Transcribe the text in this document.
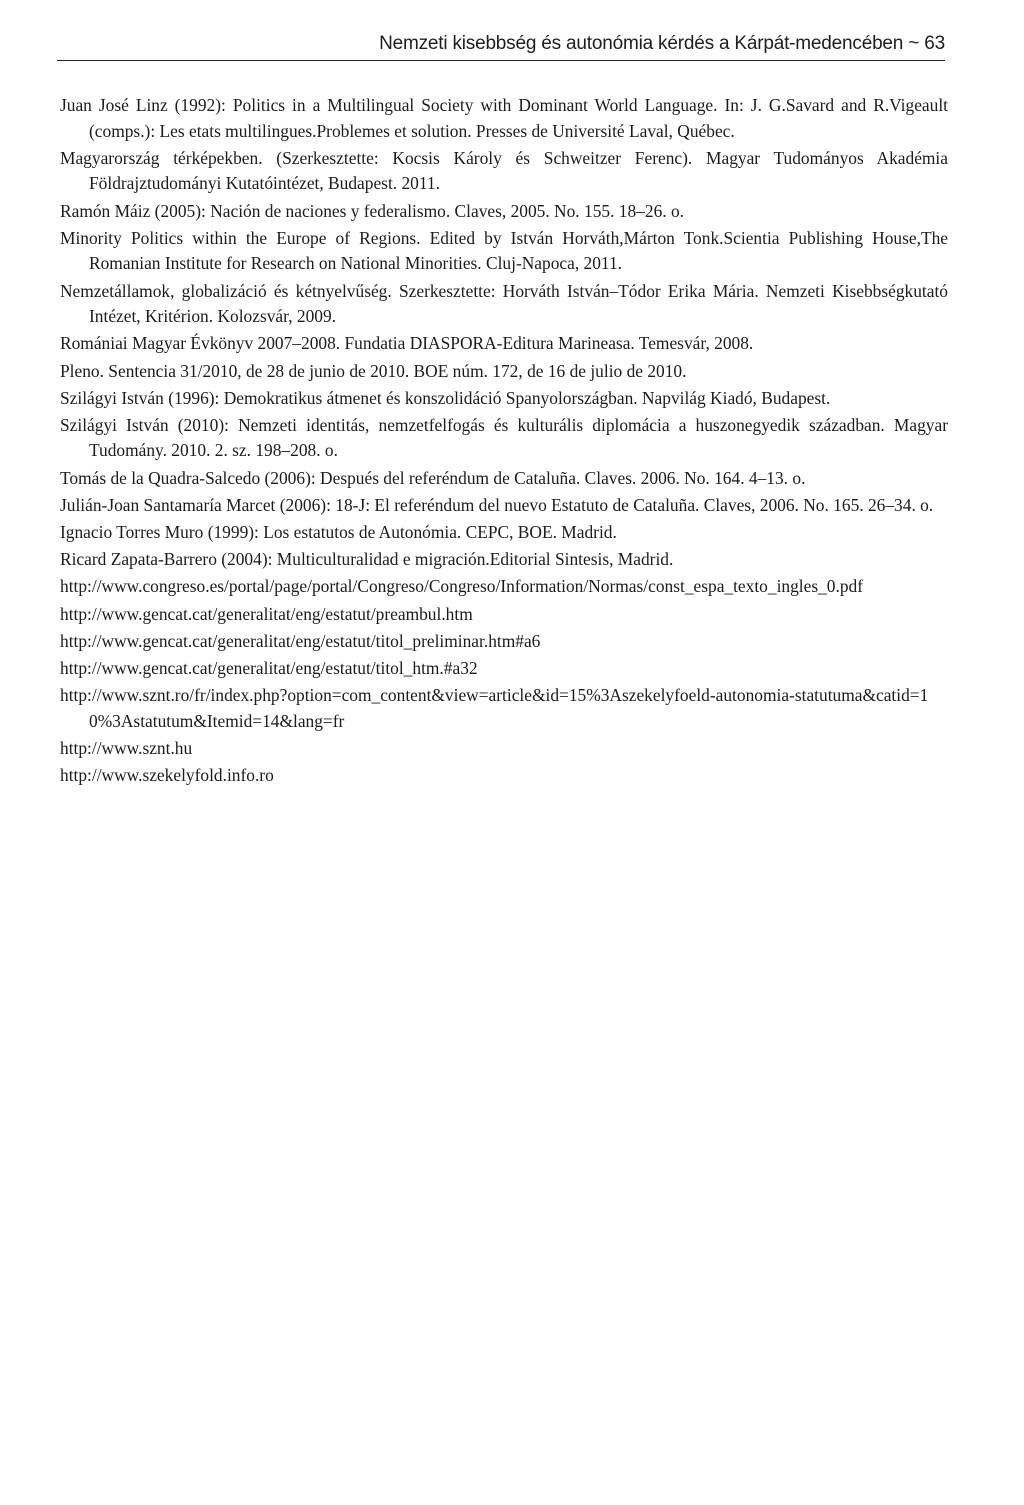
Nemzeti kisebbség és autonómia kérdés a Kárpát-medencében ~ 63
Juan José Linz (1992): Politics in a Multilingual Society with Dominant World Language. In: J. G.Savard and R.Vigeault (comps.): Les etats multilingues.Problemes et solution. Presses de Université Laval, Québec.
Magyarország térképekben. (Szerkesztette: Kocsis Károly és Schweitzer Ferenc). Magyar Tudományos Akadémia Földrajztudományi Kutatóintézet, Budapest. 2011.
Ramón Máiz (2005): Nación de naciones y federalismo. Claves, 2005. No. 155. 18–26. o.
Minority Politics within the Europe of Regions. Edited by István Horváth,Márton Tonk.Scientia Publishing House,The Romanian Institute for Research on National Minorities. Cluj-Napoca, 2011.
Nemzetállamok, globalizáció és kétnyelvűség. Szerkesztette: Horváth István–Tódor Erika Mária. Nemzeti Kisebbségkutató Intézet, Kritérion. Kolozsvár, 2009.
Romániai Magyar Évkönyv 2007–2008. Fundatia DIASPORA-Editura Marineasa. Temesvár, 2008.
Pleno. Sentencia 31/2010, de 28 de junio de 2010. BOE núm. 172, de 16 de julio de 2010.
Szilágyi István (1996): Demokratikus átmenet és konszolidáció Spanyolországban. Napvilág Kiadó, Budapest.
Szilágyi István (2010): Nemzeti identitás, nemzetfelfogás és kulturális diplomácia a huszonegyedik században. Magyar Tudomány. 2010. 2. sz. 198–208. o.
Tomás de la Quadra-Salcedo (2006): Después del referéndum de Cataluña. Claves. 2006. No. 164. 4–13. o.
Julián-Joan Santamaría Marcet (2006): 18-J: El referéndum del nuevo Estatuto de Cataluña. Claves, 2006. No. 165. 26–34. o.
Ignacio Torres Muro (1999): Los estatutos de Autonómia. CEPC, BOE. Madrid.
Ricard Zapata-Barrero (2004): Multiculturalidad e migración.Editorial Sintesis, Madrid.
http://www.congreso.es/portal/page/portal/Congreso/Congreso/Information/Normas/const_espa_texto_ingles_0.pdf
http://www.gencat.cat/generalitat/eng/estatut/preambul.htm
http://www.gencat.cat/generalitat/eng/estatut/titol_preliminar.htm#a6
http://www.gencat.cat/generalitat/eng/estatut/titol_htm.#a32
http://www.sznt.ro/fr/index.php?option=com_content&view=article&id=15%3Aszekelyfoeld-autonomia-statutuma&catid=10%3Astatutum&Itemid=14&lang=fr
http://www.sznt.hu
http://www.szekelyfold.info.ro
